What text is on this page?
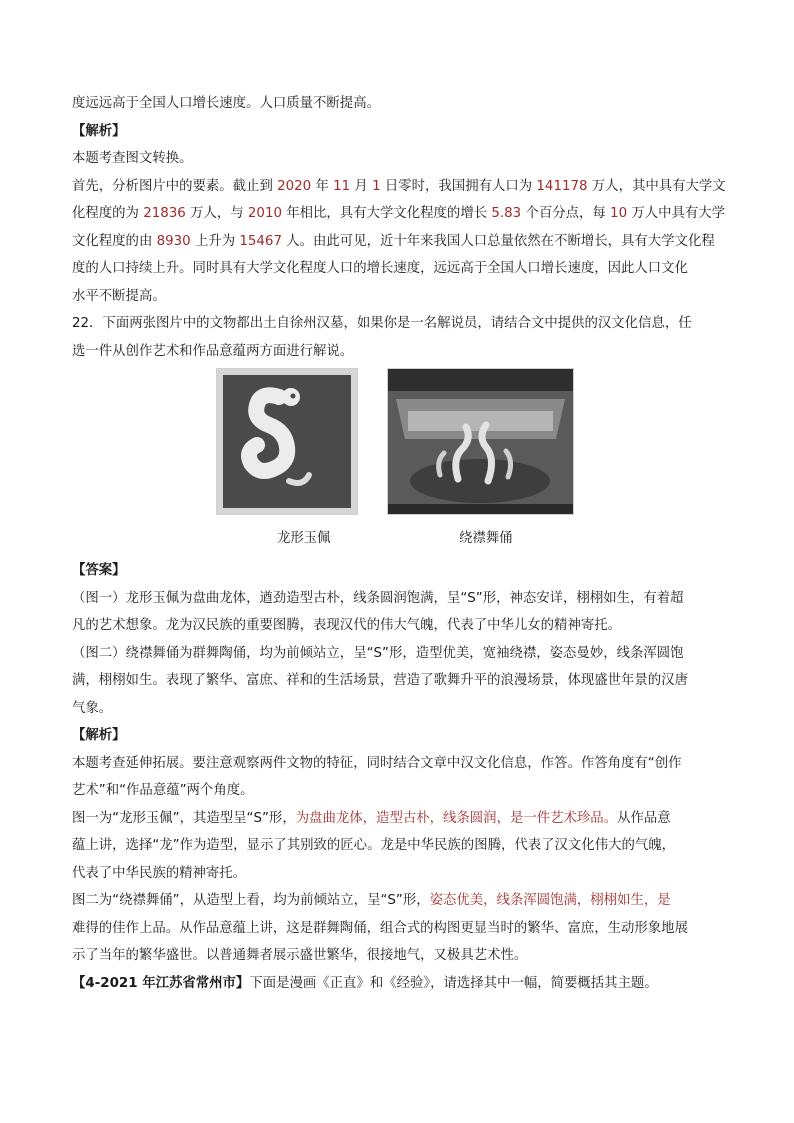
度远远高于全国人口增长速度。人口质量不断提高。
【解析】
本题考查图文转换。
首先，分析图片中的要素。截止到 2020 年 11 月 1 日零时，我国拥有人口为 141178 万人，其中具有大学文
化程度的为 21836 万人，与 2010 年相比，具有大学文化程度的增长 5.83 个百分点，每 10 万人中具有大学
文化程度的由 8930 上升为 15467 人。由此可见，近十年来我国人口总量依然在不断增长，具有大学文化程
度的人口持续上升。同时具有大学文化程度人口的增长速度，远远高于全国人口增长速度，因此人口文化
水平不断提高。
22．下面两张图片中的文物都出土自徐州汉墓，如果你是一名解说员，请结合文中提供的汉文化信息，任
选一件从创作艺术和作品意蕴两方面进行解说。
龙形玉佩	绕襟舞俑
【答案】
（图一）龙形玉佩为盘曲龙体，遒劲造型古朴，线条圆润饱满，呈“S”形，神态安详，栩栩如生，有着超
凡的艺术想象。龙为汉民族的重要图腾，表现汉代的伟大气魄，代表了中华儿女的精神寄托。
（图二）绕襟舞俑为群舞陶俑，均为前倾站立，呈“S”形，造型优美，宽袖绕襟，姿态曼妙，线条浑圆饱
满，栩栩如生。表现了繁华、富庶、祥和的生活场景，营造了歌舞升平的浪漫场景，体现盛世年景的汉唐
气象。
【解析】
本题考查延伸拓展。要注意观察两件文物的特征，同时结合文章中汉文化信息，作答。作答角度有“创作
艺术”和“作品意蕴”两个角度。
图一为“龙形玉佩”，其造型呈“S”形，为盘曲龙体，造型古朴，线条圆润，是一件艺术珍品。从作品意
蕴上讲，选择“龙”作为造型，显示了其别致的匠心。龙是中华民族的图腾，代表了汉文化伟大的气魄，
代表了中华民族的精神寄托。
图二为“绕襟舞俑”，从造型上看，均为前倾站立，呈“S”形，姿态优美，线条浑圆饱满，栩栩如生，是
难得的佳作上品。从作品意蕴上讲，这是群舞陶俑，组合式的构图更显当时的繁华、富庶，生动形象地展
示了当年的繁华盛世。以普通舞者展示盛世繁华，很接地气，又极具艺术性。
【4-2021 年江苏省常州市】下面是漫画《正直》和《经验》，请选择其中一幅，简要概括其主题。
